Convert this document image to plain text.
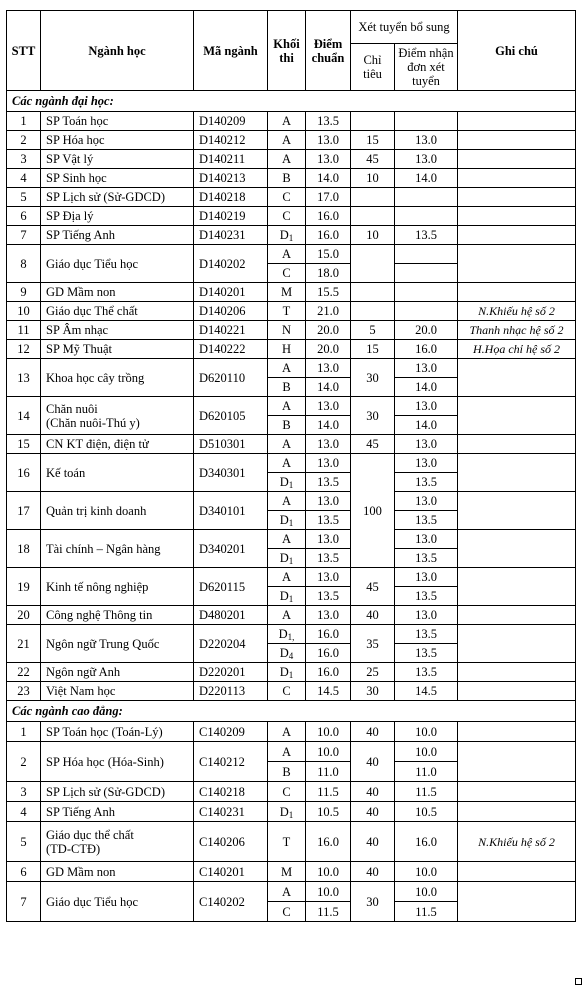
STT	Ngành học	Mã ngành	Khối thi	Điểm chuẩn	Xét tuyển bổ sung		Ghi chú
					Chỉ tiêu	Điểm nhận đơn xét tuyển	
Các ngành đại học:							
1	SP Toán học	D140209	A	13.5			
2	SP Hóa học	D140212	A	13.0	15	13.0	
3	SP Vật lý	D140211	A	13.0	45	13.0	
4	SP Sinh học	D140213	B	14.0	10	14.0	
5	SP Lịch sử (Sử-GDCD)	D140218	C	17.0			
6	SP Địa lý	D140219	C	16.0			
7	SP Tiếng Anh	D140231	$D_1$	16.0	10	13.5	
8	Giáo dục Tiểu học	D140202	A	15.0			
			C	18.0			
9	GD Mầm non	D140201	M	15.5			
10	Giáo dục Thể chất	D140206	T	21.0			N.Khiếu hệ số 2
11	SP Âm nhạc	D140221	N	20.0	5	20.0	Thanh nhạc hệ số 2
12	SP Mỹ Thuật	D140222	H	20.0	15	16.0	H.Họa chỉ hệ số 2
13	Khoa học cây trồng	D620110	A	13.0	30	13.0	
			B	14.0		14.0	
14	Chăn nuôi
(Chăn nuôi-Thú y)	D620105	A	13.0	30	13.0	
			B	14.0		14.0	
15	CN KT điện, điện tử	D510301	A	13.0	45	13.0	
16	Kế toán	D340301	A	13.0	100	13.0	
			$D_1$	13.5		13.5	
17	Quản trị kinh doanh	D340101	A	13.0		13.0	
			$D_1$	13.5		13.5	
18	Tài chính – Ngân hàng	D340201	A	13.0		13.0	
			$D_1$	13.5		13.5	
19	Kinh tế nông nghiệp	D620115	A	13.0	45	13.0	
			$D_1$	13.5		13.5	
20	Công nghệ Thông tin	D480201	A	13.0	40	13.0	
21	Ngôn ngữ Trung Quốc	D220204	$D_{1,}$	16.0	35	13.5	
			$D_4$	16.0		13.5	
22	Ngôn ngữ Anh	D220201	$D_1$	16.0	25	13.5	
23	Việt Nam học	D220113	C	14.5	30	14.5	
Các ngành cao đẳng:							
1	SP Toán học (Toán-Lý)	C140209	A	10.0	40	10.0	
2	SP Hóa học (Hóa-Sinh)	C140212	A	10.0	40	10.0	
			B	11.0		11.0	
3	SP Lịch sử (Sử-GDCD)	C140218	C	11.5	40	11.5	
4	SP Tiếng Anh	C140231	$D_1$	10.5	40	10.5	
5	Giáo dục thể chất
(TD-CTĐ)	C140206	T	16.0	40	16.0	N.Khiếu hệ số 2
6	GD Mầm non	C140201	M	10.0	40	10.0	
7	Giáo dục Tiểu học	C140202	A	10.0	30	10.0	
			C	11.5		11.5	
